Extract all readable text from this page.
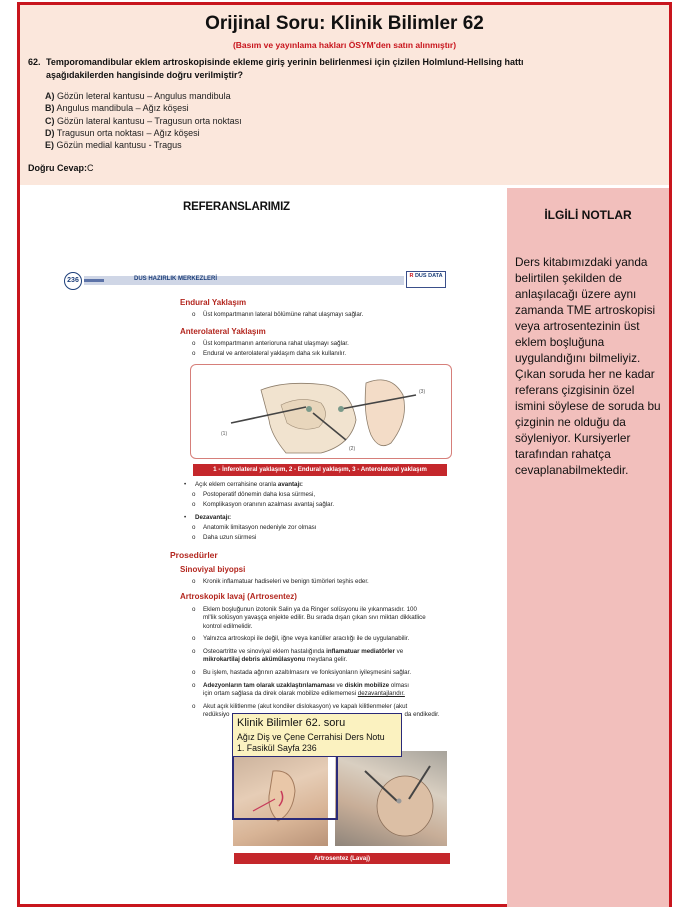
Orijinal Soru: Klinik Bilimler 62
(Basım ve yayınlama hakları ÖSYM'den satın alınmıştır)
62. Temporomandibular eklem artroskopisinde ekleme giriş yerinin belirlenmesi için çizilen Holmlund-Hellsing hattı
aşağıdakilerden hangisinde doğru verilmiştir?
A) Gözün leteral kantusu – Angulus mandibula
B) Angulus mandibula – Ağız köşesi
C) Gözün lateral kantusu – Tragusun orta noktası
D) Tragusun orta noktası – Ağız köşesi
E) Gözün medial kantusu - Tragus
Doğru Cevap:C
REFERANSLARIMIZ
İLGİLİ NOTLAR
Ders kitabımızdaki yanda belirtilen şekilden de anlaşılacağı üzere aynı zamanda TME artroskopisi veya artrosentezinin üst eklem boşluğuna uygulandığını bilmeliyiz. Çıkan soruda her ne kadar referans çizgisinin özel ismini söylese de soruda bu çizginin ne olduğu da söyleniyor. Kursiyerler tarafından rahatça cevaplanabilmektedir.
236	DUS HAZIRLIK MERKEZLERİ	R DUS DATA
Endural Yaklaşım
o Üst kompartmanın lateral bölümüne rahat ulaşmayı sağlar.
Anterolateral Yaklaşım
o Üst kompartmanın anterioruna rahat ulaşmayı sağlar.
o Endural ve anterolateral yaklaşım daha sık kullanılır.
(1)
(2)
(3)
1 - İnferolateral yaklaşım, 2 - Endural yaklaşım, 3 - Anterolateral yaklaşım
• Açık eklem cerrahisine oranla avantajı:
o Postoperatif dönemin daha kısa sürmesi,
o Komplikasyon oranının azalması avantaj sağlar.
• Dezavantajı:
o Anatomik limitasyon nedeniyle zor olması
o Daha uzun sürmesi
Prosedürler
Sinoviyal biyopsi
o Kronik inflamatuar hadiseleri ve benign tümörleri teşhis eder.
Artroskopik lavaj (Artrosentez)
o Eklem boşluğunun izotonik Salin ya da Ringer solüsyonu ile yıkanmasıdır. 100
ml'lik solüsyon yavaşça enjekte edilir. Bu sırada dışarı çıkan sıvı miktarı dikkatlice
kontrol edilmelidir.
o Yalnızca artroskopi ile değil, iğne veya kanüller aracılığı ile de uygulanabilir.
o Osteoartritte ve sinoviyal eklem hastalığında inflamatuar mediatörler ve
mikrokartilaj debris akümülasyonu meydana gelir.
o Bu işlem, hastada ağrının azaltılmasını ve fonksiyonların iyileşmesini sağlar.
o Adezyonların tam olarak uzaklaştırılamaması ve diskin mobilize olması
için ortam sağlasa da direk olarak mobilize edilememesi dezavantajlarıdır.
o Akut açık kilitlenme (akut kondiler dislokasyon) ve kapalı kilitlenmeler (akut
redüksiyo	da endikedir.
Artrosentez (Lavaj)
Klinik Bilimler 62. soru
Ağız Diş ve Çene Cerrahisi Ders Notu
1. Fasikül Sayfa 236
